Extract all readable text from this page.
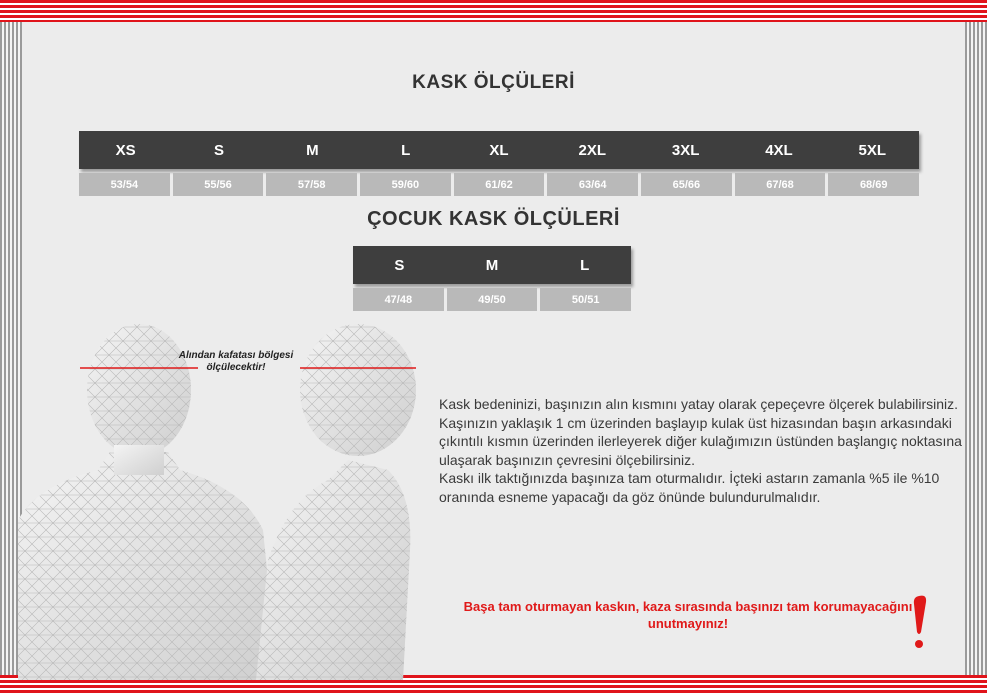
KASK ÖLÇÜLERİ
XS	S	M	L	XL	2XL	3XL	4XL	5XL
53/54	55/56	57/58	59/60	61/62	63/64	65/66	67/68	68/69
ÇOCUK KASK ÖLÇÜLERİ
S	M	L
47/48	49/50	50/51
Alından kafatası bölgesi ölçülecektir!

Kask bedeninizi, başınızın alın kısmını yatay olarak çepeçevre ölçerek bulabilirsiniz. Kaşınızın yaklaşık 1 cm üzerinden başlayıp kulak üst hizasından başın arkasındaki çıkıntılı kısmın üzerinden ilerleyerek diğer kulağımızın üstünden başlangıç noktasına ulaşarak başınızın çevresini ölçebilirsiniz.

Kaskı ilk taktığınızda başınıza tam oturmalıdır. İçteki astarın zamanla %5 ile %10 oranında esneme yapacağı da göz önünde bulundurulmalıdır.

Başa tam oturmayan kaskın, kaza sırasında başınızı tam korumayacağını unutmayınız!
